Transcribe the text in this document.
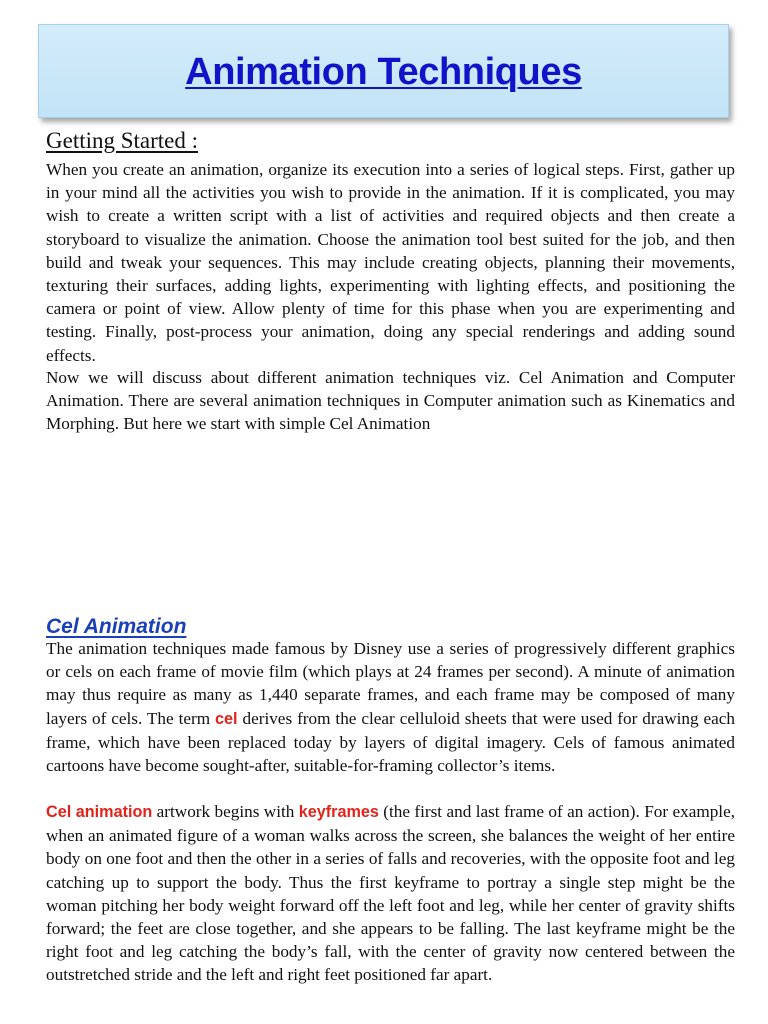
Animation Techniques
Getting Started :

When you create an animation, organize its execution into a series of logical steps. First, gather up in your mind all the activities you wish to provide in the animation. If it is complicated, you may wish to create a written script with a list of activities and required objects and then create a storyboard to visualize the animation. Choose the animation tool best suited for the job, and then build and tweak your sequences. This may include creating objects, planning their movements, texturing their surfaces, adding lights, experimenting with lighting effects, and positioning the camera or point of view. Allow plenty of time for this phase when you are experimenting and testing. Finally, post-process your animation, doing any special renderings and adding sound effects.

Now we will discuss about different animation techniques viz. Cel Animation and Computer Animation. There are several animation techniques in Computer animation such as Kinematics and Morphing. But here we start with simple Cel Animation

Cel Animation

The animation techniques made famous by Disney use a series of progressively different graphics or cels on each frame of movie film (which plays at 24 frames per second). A minute of animation may thus require as many as 1,440 separate frames, and each frame may be composed of many layers of cels. The term cel derives from the clear celluloid sheets that were used for drawing each frame, which have been replaced today by layers of digital imagery. Cels of famous animated cartoons have become sought-after, suitable-for-framing collector’s items.

Cel animation artwork begins with keyframes (the first and last frame of an action). For example, when an animated figure of a woman walks across the screen, she balances the weight of her entire body on one foot and then the other in a series of falls and recoveries, with the opposite foot and leg catching up to support the body. Thus the first keyframe to portray a single step might be the woman pitching her body weight forward off the left foot and leg, while her center of gravity shifts forward; the feet are close together, and she appears to be falling. The last keyframe might be the right foot and leg catching the body’s fall, with the center of gravity now centered between the outstretched stride and the left and right feet positioned far apart.
